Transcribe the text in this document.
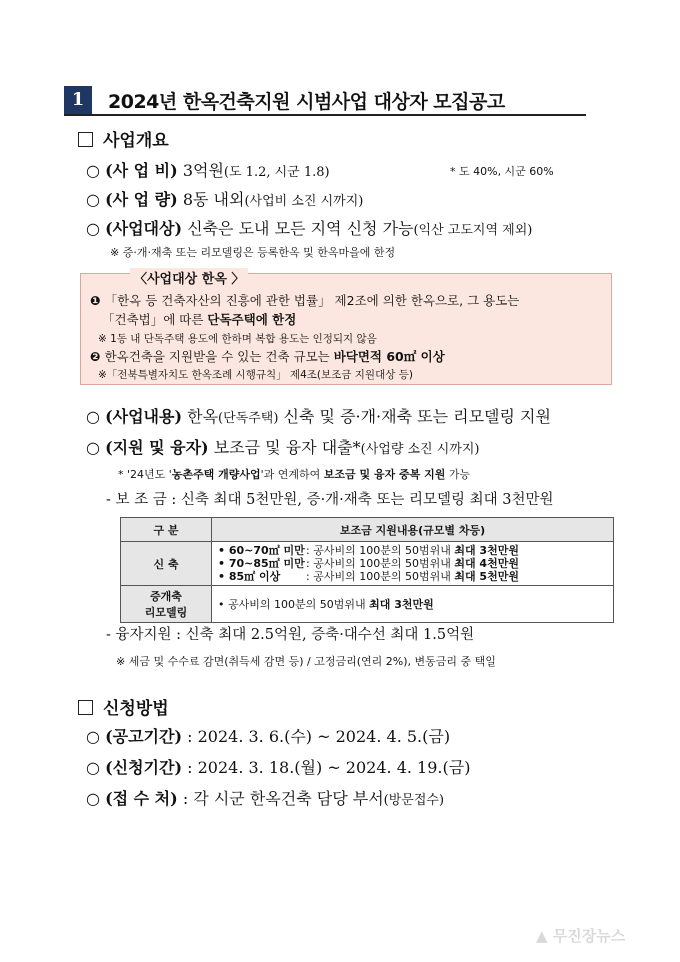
1	2024년 한옥건축지원 시범사업 대상자 모집공고
사업개요
○ (사 업 비) 3억원(도 1.2, 시군 1.8)	* 도 40%, 시군 60%
○ (사 업 량) 8동 내외(사업비 소진 시까지)
○ (사업대상) 신축은 도내 모든 지역 신청 가능(익산 고도지역 제외)
※ 증·개·재축 또는 리모델링은 등록한옥 및 한옥마을에 한정
〈사업대상 한옥 〉
❶ 「한옥 등 건축자산의 진흥에 관한 법률」 제2조에 의한 한옥으로, 그 용도는
「건축법」에 따른 단독주택에 한정
※ 1동 내 단독주택 용도에 한하며 복합 용도는 인정되지 않음
❷ 한옥건축을 지원받을 수 있는 건축 규모는 바닥면적 60㎡ 이상
※「전북특별자치도 한옥조례 시행규칙」 제4조(보조금 지원대상 등)
○ (사업내용) 한옥(단독주택) 신축 및 증·개·재축 또는 리모델링 지원
○ (지원 및 융자) 보조금 및 융자 대출*(사업량 소진 시까지)
* '24년도 '농촌주택 개량사업'과 연계하여 보조금 및 융자 중복 지원 가능
- 보 조 금 : 신축 최대 5천만원, 증·개·재축 또는 리모델링 최대 3천만원
구 분	보조금 지원내용(규모별 차등)
신 축	• 60~70㎡ 미만: 공사비의 100분의 50범위내 최대 3천만원
• 70~85㎡ 미만: 공사비의 100분의 50범위내 최대 4천만원
• 85㎡ 이상 : 공사비의 100분의 50범위내 최대 5천만원

증개축
리모델링	• 공사비의 100분의 50범위내 최대 3천만원
- 융자지원 : 신축 최대 2.5억원, 증축·대수선 최대 1.5억원
※ 세금 및 수수료 감면(취득세 감면 등) / 고정금리(연리 2%), 변동금리 중 택일
신청방법
○ (공고기간) : 2024. 3. 6.(수) ~ 2024. 4. 5.(금)
○ (신청기간) : 2024. 3. 18.(월) ~ 2024. 4. 19.(금)
○ (접 수 처) : 각 시군 한옥건축 담당 부서(방문접수)
▲ 무진장뉴스
